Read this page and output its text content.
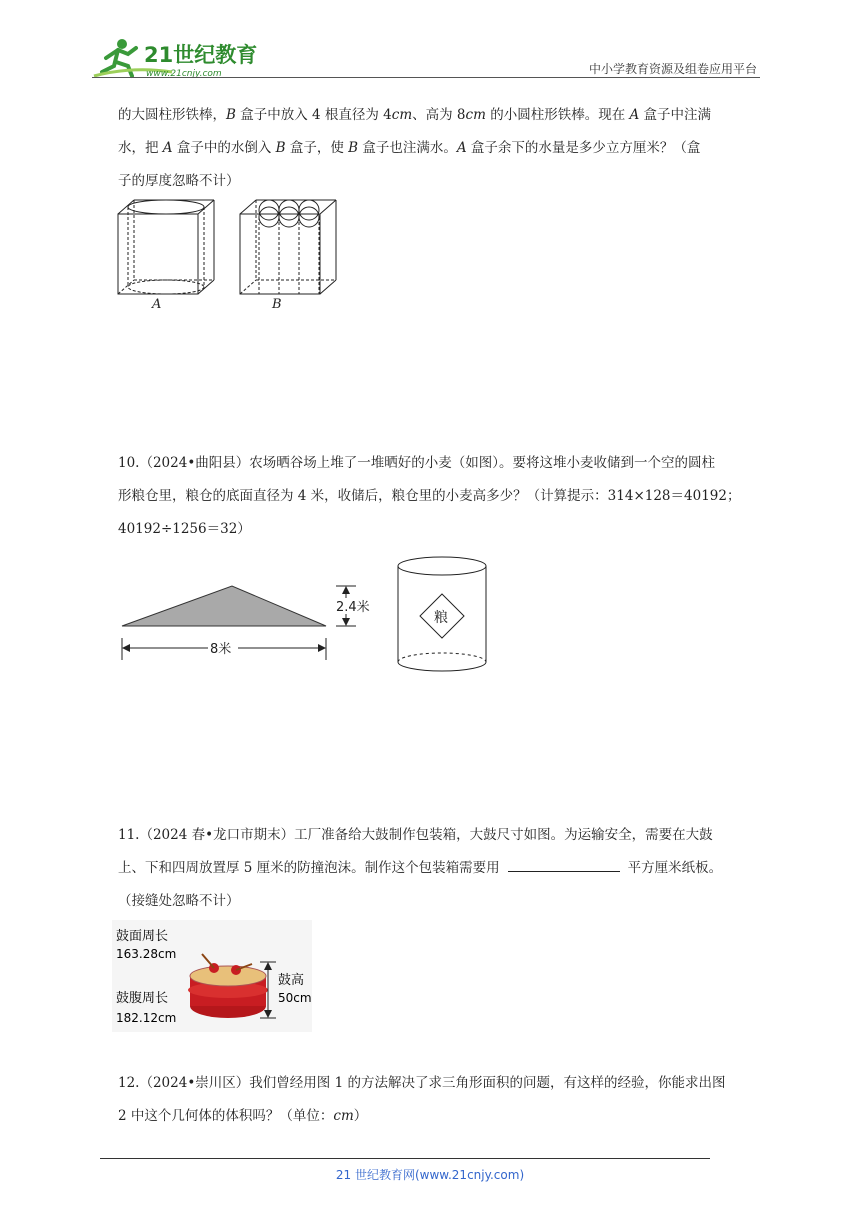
21世纪教育
www.21cnjy.com	中小学教育资源及组卷应用平台

的大圆柱形铁棒，B 盒子中放入 4 根直径为 4cm、高为 8cm 的小圆柱形铁棒。现在 A 盒子中注满
水，把 A 盒子中的水倒入 B 盒子，使 B 盒子也注满水。A 盒子余下的水量是多少立方厘米？（盒
子的厚度忽略不计）

A	B

10.（2024•曲阳县）农场晒谷场上堆了一堆晒好的小麦（如图）。要将这堆小麦收储到一个空的圆柱
形粮仓里，粮仓的底面直径为 4 米，收储后，粮仓里的小麦高多少？（计算提示：314×128＝40192；
40192÷1256＝32）

8米
2.4米
粮

11.（2024 春•龙口市期末）工厂准备给大鼓制作包装箱，大鼓尺寸如图。为运输安全，需要在大鼓
上、下和四周放置厚 5 厘米的防撞泡沫。制作这个包装箱需要用	平方厘米纸板。
（接缝处忽略不计）

鼓面周长
163.28cm
鼓腹周长
182.12cm
鼓高
50cm

12.（2024•崇川区）我们曾经用图 1 的方法解决了求三角形面积的问题，有这样的经验，你能求出图
2 中这个几何体的体积吗？（单位：cm）

21 世纪教育网(www.21cnjy.com)
